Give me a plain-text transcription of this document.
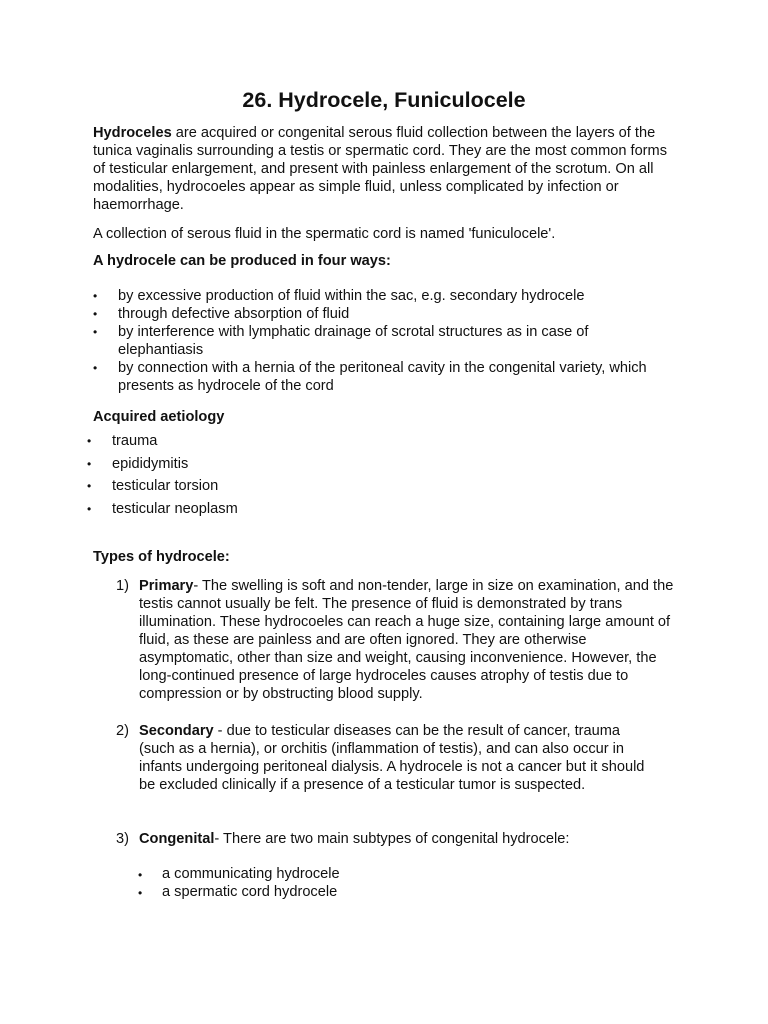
26. Hydrocele, Funiculocele

Hydroceles are acquired or congenital serous fluid collection between the layers of the tunica vaginalis surrounding a testis or spermatic cord. They are the most common forms of testicular enlargement, and present with painless enlargement of the scrotum. On all modalities, hydrocoeles appear as simple fluid, unless complicated by infection or haemorrhage.

A collection of serous fluid in the spermatic cord is named 'funiculocele'.

A hydrocele can be produced in four ways:

• by excessive production of fluid within the sac, e.g. secondary hydrocele
• through defective absorption of fluid
• by interference with lymphatic drainage of scrotal structures as in case of elephantiasis
• by connection with a hernia of the peritoneal cavity in the congenital variety, which presents as hydrocele of the cord

Acquired aetiology

• trauma
• epididymitis
• testicular torsion
• testicular neoplasm

Types of hydrocele:

1) Primary- The swelling is soft and non-tender, large in size on examination, and the testis cannot usually be felt. The presence of fluid is demonstrated by trans illumination. These hydrocoeles can reach a huge size, containing large amount of fluid, as these are painless and are often ignored. They are otherwise asymptomatic, other than size and weight, causing inconvenience. However, the long-continued presence of large hydroceles causes atrophy of testis due to compression or by obstructing blood supply.
2) Secondary - due to testicular diseases can be the result of cancer, trauma (such as a hernia), or orchitis (inflammation of testis), and can also occur in infants undergoing peritoneal dialysis. A hydrocele is not a cancer but it should be excluded clinically if a presence of a testicular tumor is suspected.
3) Congenital- There are two main subtypes of congenital hydrocele:
• a communicating hydrocele
• a spermatic cord hydrocele
